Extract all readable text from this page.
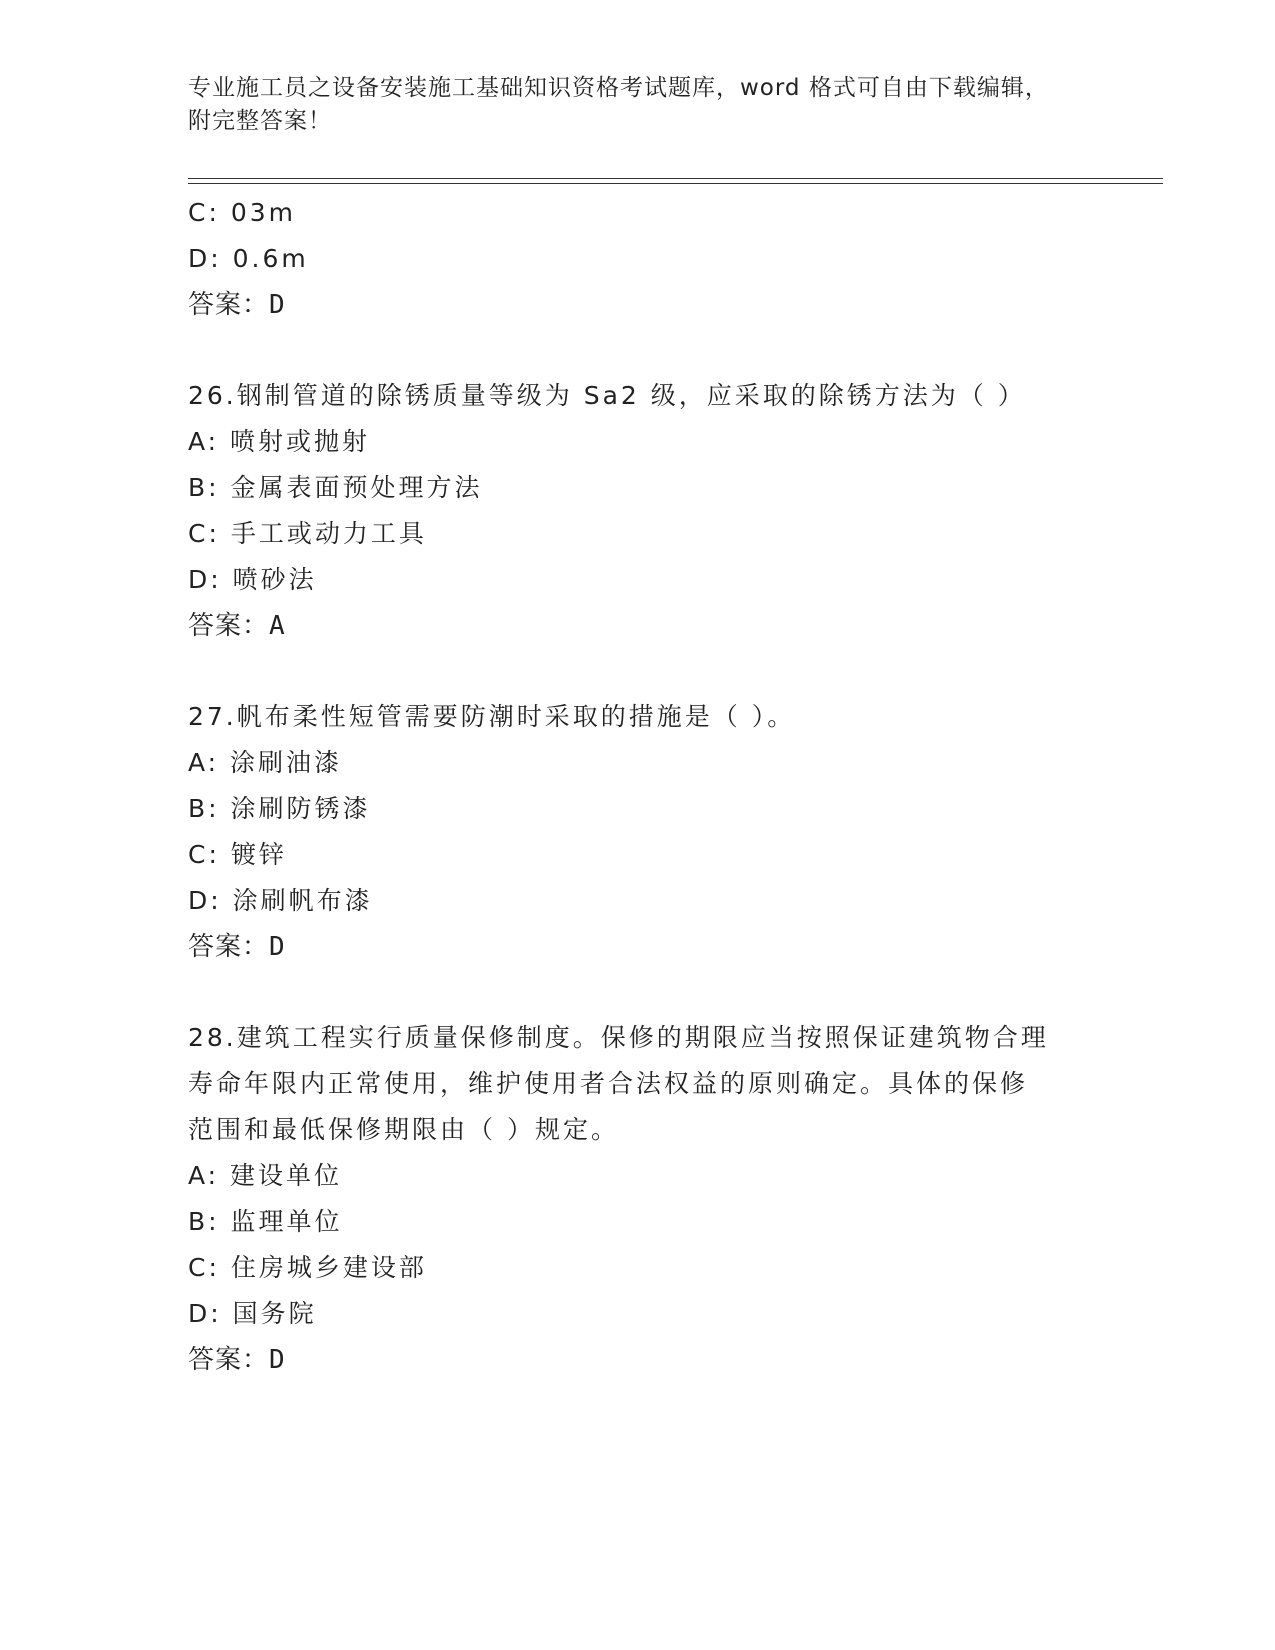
专业施工员之设备安装施工基础知识资格考试题库，word 格式可自由下载编辑，
附完整答案！
C: 03m
D: 0.6m
答案：D
26.钢制管道的除锈质量等级为 Sa2 级，应采取的除锈方法为（ ）
A: 喷射或抛射
B: 金属表面预处理方法
C: 手工或动力工具
D: 喷砂法
答案：A
27.帆布柔性短管需要防潮时采取的措施是（ ）。
A: 涂刷油漆
B: 涂刷防锈漆
C: 镀锌
D: 涂刷帆布漆
答案：D
28.建筑工程实行质量保修制度。保修的期限应当按照保证建筑物合理
寿命年限内正常使用，维护使用者合法权益的原则确定。具体的保修
范围和最低保修期限由（ ）规定。
A: 建设单位
B: 监理单位
C: 住房城乡建设部
D: 国务院
答案：D
